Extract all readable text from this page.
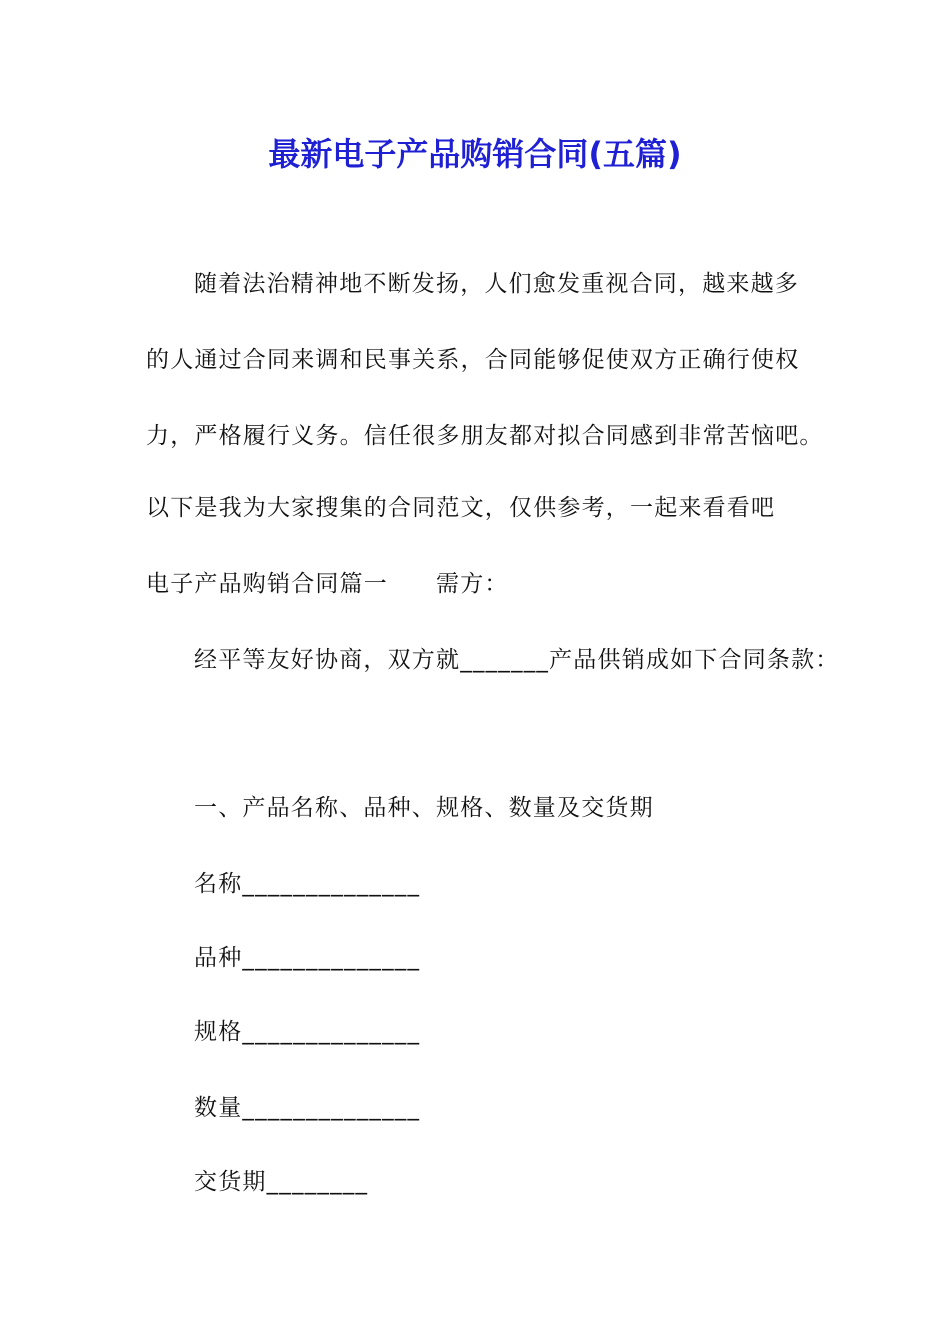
最新电子产品购销合同(五篇)
随着法治精神地不断发扬，人们愈发重视合同，越来越多
的人通过合同来调和民事关系，合同能够促使双方正确行使权
力，严格履行义务。信任很多朋友都对拟合同感到非常苦恼吧。
以下是我为大家搜集的合同范文，仅供参考，一起来看看吧
电子产品购销合同篇一 需方：
经平等友好协商，双方就_______产品供销成如下合同条款：
一、产品名称、品种、规格、数量及交货期
名称______________
品种______________
规格______________
数量______________
交货期________
